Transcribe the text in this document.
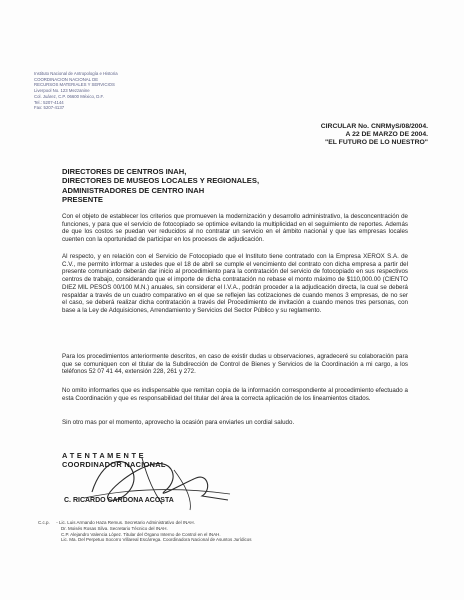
Instituto Nacional de Antropología e Historia
COORDINACION NACIONAL DE
RECURSOS MATERIALES Y SERVICIOS
Liverpool No. 123 Mezzanine
Col. Juárez, C.P. 06600 México, D.F.
Tel.: 5207-4144
Fax: 5207-4137
CIRCULAR No. CNRMyS/08/2004.
A 22 DE MARZO DE 2004.
"EL FUTURO DE LO NUESTRO"
DIRECTORES DE CENTROS INAH,
DIRECTORES DE MUSEOS LOCALES Y REGIONALES,
ADMINISTRADORES DE CENTRO INAH
PRESENTE

Con el objeto de establecer los criterios que promueven la modernización y desarrollo administrativo, la desconcentración de funciones, y para que el servicio de fotocopiado se optimice evitando la multiplicidad en el seguimiento de reportes. Además de que los costos se puedan ver reducidos al no contratar un servicio en el ámbito nacional y que las empresas locales cuenten con la oportunidad de participar en los procesos de adjudicación.

Al respecto, y en relación con el Servicio de Fotocopiado que el Instituto tiene contratado con la Empresa XEROX S.A. de C.V., me permito informar a ustedes que el 18 de abril se cumple el vencimiento del contrato con dicha empresa a partir del presente comunicado deberán dar inicio al procedimiento para la contratación del servicio de fotocopiado en sus respectivos centros de trabajo, considerando que el importe de dicha contratación no rebase el monto máximo de $110,000.00 (CIENTO DIEZ MIL PESOS 00/100 M.N.) anuales, sin considerar el I.V.A., podrán proceder a la adjudicación directa, la cual se deberá respaldar a través de un cuadro comparativo en el que se reflejen las cotizaciones de cuando menos 3 empresas, de no ser el caso, se deberá realizar dicha contratación a través del Procedimiento de invitación a cuando menos tres personas, con base a la Ley de Adquisiciones, Arrendamiento y Servicios del Sector Público y su reglamento.

Para los procedimientos anteriormente descritos, en caso de existir dudas u observaciones, agradeceré su colaboración para que se comuniquen con el titular de la Subdirección de Control de Bienes y Servicios de la Coordinación a mi cargo, a los teléfonos 52 07 41 44, extensión 228, 261 y 272.

No omito informarles que es indispensable que remitan copia de la información correspondiente al procedimiento efectuado a esta Coordinación y que es responsabilidad del titular del área la correcta aplicación de los lineamientos citados.

Sin otro mas por el momento, aprovecho la ocasión para enviarles un cordial saludo.

A T E N T A M E N T E
COORDINADOR NACIONAL
C. RICARDO CARDONA ACOSTA
C.c.p. - Lic. Luis Armando Haza Remus. Secretario Administrativo del INAH.
Dr. Moisés Rosas Silva. Secretario Técnico del INAH.
C.P. Alejandro Valencia López. Titular del Órgano Interno de Control en el INAH.
Lic. Ma. Del Perpetuo Socorro Villareal Escárrega. Coordinadora Nacional de Asuntos Jurídicos
